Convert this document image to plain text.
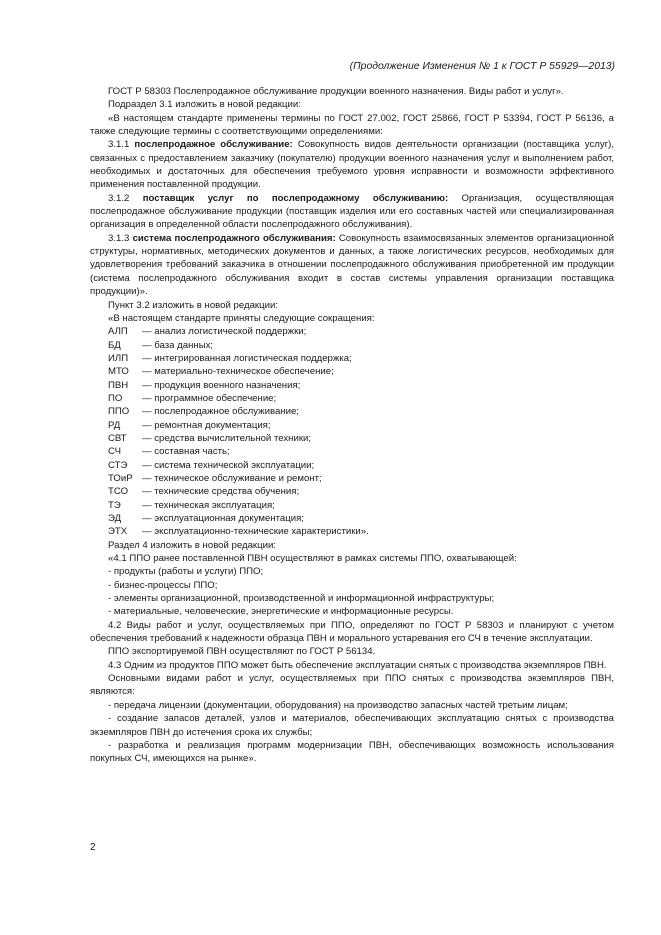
(Продолжение Изменения № 1 к ГОСТ Р 55929—2013)

ГОСТ Р 58303 Послепродажное обслуживание продукции военного назначения. Виды работ и услуг».

Подраздел 3.1 изложить в новой редакции:

«В настоящем стандарте применены термины по ГОСТ 27.002, ГОСТ 25866, ГОСТ Р 53394, ГОСТ Р 56136, а также следующие термины с соответствующими определениями:

3.1.1 послепродажное обслуживание: Совокупность видов деятельности организации (поставщика услуг), связанных с предоставлением заказчику (покупателю) продукции военного назначения услуг и выполнением работ, необходимых и достаточных для обеспечения требуемого уровня исправности и возможности эффективного применения поставленной продукции.

3.1.2 поставщик услуг по послепродажному обслуживанию: Организация, осуществляющая послепродажное обслуживание продукции (поставщик изделия или его составных частей или специализированная организация в определенной области послепродажного обслуживания).

3.1.3 система послепродажного обслуживания: Совокупность взаимосвязанных элементов организационной структуры, нормативных, методических документов и данных, а также логистических ресурсов, необходимых для удовлетворения требований заказчика в отношении послепродажного обслуживания приобретенной им продукции (система послепродажного обслуживания входит в состав системы управления организации поставщика продукции)».

Пункт 3.2 изложить в новой редакции:

«В настоящем стандарте приняты следующие сокращения:

АЛП	— анализ логистической поддержки;
БД	— база данных;
ИЛП	— интегрированная логистическая поддержка;
МТО	— материально-техническое обеспечение;
ПВН	— продукция военного назначения;
ПО	— программное обеспечение;
ППО	— послепродажное обслуживание;
РД	— ремонтная документация;
СВТ	— средства вычислительной техники;
СЧ	— составная часть;
СТЭ	— система технической эксплуатации;
ТОиР — техническое обслуживание и ремонт;
ТСО	— технические средства обучения;
ТЭ	— техническая эксплуатация;
ЭД	— эксплуатационная документация;
ЭТХ	— эксплуатационно-технические характеристики».

Раздел 4 изложить в новой редакции:

«4.1 ППО ранее поставленной ПВН осуществляют в рамках системы ППО, охватывающей:

- продукты (работы и услуги) ППО;

- бизнес-процессы ППО;

- элементы организационной, производственной и информационной инфраструктуры;

- материальные, человеческие, энергетические и информационные ресурсы.

4.2 Виды работ и услуг, осуществляемых при ППО, определяют по ГОСТ Р 58303 и планируют с учетом обеспечения требований к надежности образца ПВН и морального устаревания его СЧ в течение эксплуатации.

ППО экспортируемой ПВН осуществляют по ГОСТ Р 56134.

4.3 Одним из продуктов ППО может быть обеспечение эксплуатации снятых с производства экземпляров ПВН.

Основными видами работ и услуг, осуществляемых при ППО снятых с производства экземпляров ПВН, являются:

- передача лицензии (документации, оборудования) на производство запасных частей третьим лицам;

- создание запасов деталей, узлов и материалов, обеспечивающих эксплуатацию снятых с производства экземпляров ПВН до истечения срока их службы;

- разработка и реализация программ модернизации ПВН, обеспечивающих возможность использования покупных СЧ, имеющихся на рынке».

2
